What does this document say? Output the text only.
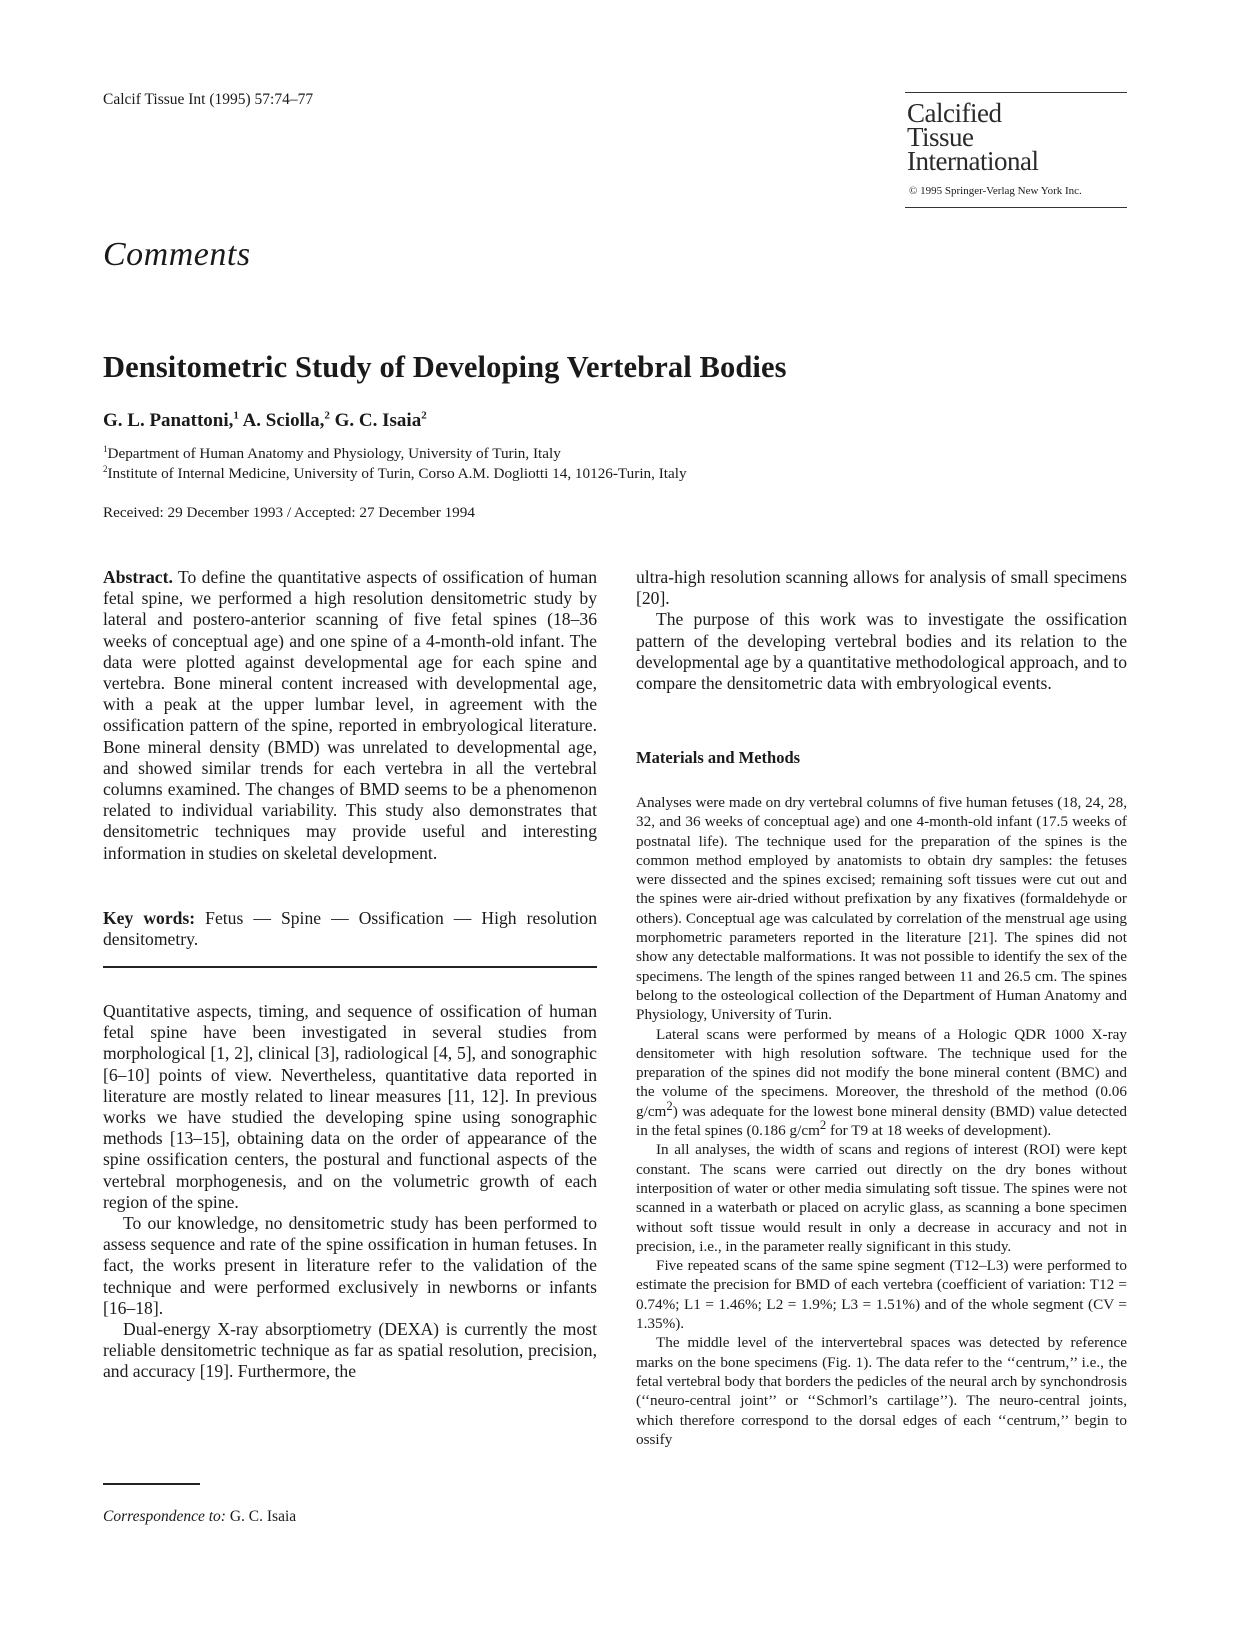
Calcif Tissue Int (1995) 57:74–77	Calcified
Tissue
International
© 1995 Springer-Verlag New York Inc.
Comments
Densitometric Study of Developing Vertebral Bodies
G. L. Panattoni,$^1$ A. Sciolla,$^2$ G. C. Isaia$^2$
$^1$Department of Human Anatomy and Physiology, University of Turin, Italy
$^2$Institute of Internal Medicine, University of Turin, Corso A.M. Dogliotti 14, 10126-Turin, Italy
Received: 29 December 1993 / Accepted: 27 December 1994

Abstract. To define the quantitative aspects of ossification of human fetal spine, we performed a high resolution densitometric study by lateral and postero-anterior scanning of five fetal spines (18–36 weeks of conceptual age) and one spine of a 4-month-old infant. The data were plotted against developmental age for each spine and vertebra. Bone mineral content increased with developmental age, with a peak at the upper lumbar level, in agreement with the ossification pattern of the spine, reported in embryological literature. Bone mineral density (BMD) was unrelated to developmental age, and showed similar trends for each vertebra in all the vertebral columns examined. The changes of BMD seems to be a phenomenon related to individual variability. This study also demonstrates that densitometric techniques may provide useful and interesting information in studies on skeletal development.

Key words: Fetus — Spine — Ossification — High resolution densitometry.

Quantitative aspects, timing, and sequence of ossification of human fetal spine have been investigated in several studies from morphological [1, 2], clinical [3], radiological [4, 5], and sonographic [6–10] points of view. Nevertheless, quantitative data reported in literature are mostly related to linear measures [11, 12]. In previous works we have studied the developing spine using sonographic methods [13–15], obtaining data on the order of appearance of the spine ossification centers, the postural and functional aspects of the vertebral morphogenesis, and on the volumetric growth of each region of the spine.

To our knowledge, no densitometric study has been performed to assess sequence and rate of the spine ossification in human fetuses. In fact, the works present in literature refer to the validation of the technique and were performed exclusively in newborns or infants [16–18].

Dual-energy X-ray absorptiometry (DEXA) is currently the most reliable densitometric technique as far as spatial resolution, precision, and accuracy [19]. Furthermore, the

Correspondence to: G. C. Isaia

ultra-high resolution scanning allows for analysis of small specimens [20].

The purpose of this work was to investigate the ossification pattern of the developing vertebral bodies and its relation to the developmental age by a quantitative methodological approach, and to compare the densitometric data with embryological events.

Materials and Methods

Analyses were made on dry vertebral columns of five human fetuses (18, 24, 28, 32, and 36 weeks of conceptual age) and one 4-month-old infant (17.5 weeks of postnatal life). The technique used for the preparation of the spines is the common method employed by anatomists to obtain dry samples: the fetuses were dissected and the spines excised; remaining soft tissues were cut out and the spines were air-dried without prefixation by any fixatives (formaldehyde or others). Conceptual age was calculated by correlation of the menstrual age using morphometric parameters reported in the literature [21]. The spines did not show any detectable malformations. It was not possible to identify the sex of the specimens. The length of the spines ranged between 11 and 26.5 cm. The spines belong to the osteological collection of the Department of Human Anatomy and Physiology, University of Turin.

Lateral scans were performed by means of a Hologic QDR 1000 X-ray densitometer with high resolution software. The technique used for the preparation of the spines did not modify the bone mineral content (BMC) and the volume of the specimens. Moreover, the threshold of the method (0.06 $g/cm^2$) was adequate for the lowest bone mineral density (BMD) value detected in the fetal spines (0.186 $g/cm^2$ for T9 at 18 weeks of development).

In all analyses, the width of scans and regions of interest (ROI) were kept constant. The scans were carried out directly on the dry bones without interposition of water or other media simulating soft tissue. The spines were not scanned in a waterbath or placed on acrylic glass, as scanning a bone specimen without soft tissue would result in only a decrease in accuracy and not in precision, i.e., in the parameter really significant in this study.

Five repeated scans of the same spine segment (T12–L3) were performed to estimate the precision for BMD of each vertebra (coefficient of variation: T12 = 0.74%; L1 = 1.46%; L2 = 1.9%; L3 = 1.51%) and of the whole segment (CV = 1.35%).

The middle level of the intervertebral spaces was detected by reference marks on the bone specimens (Fig. 1). The data refer to the ‘‘centrum,’’ i.e., the fetal vertebral body that borders the pedicles of the neural arch by synchondrosis (‘‘neuro-central joint’’ or ‘‘Schmorl’s cartilage’’). The neuro-central joints, which therefore correspond to the dorsal edges of each ‘‘centrum,’’ begin to ossify
